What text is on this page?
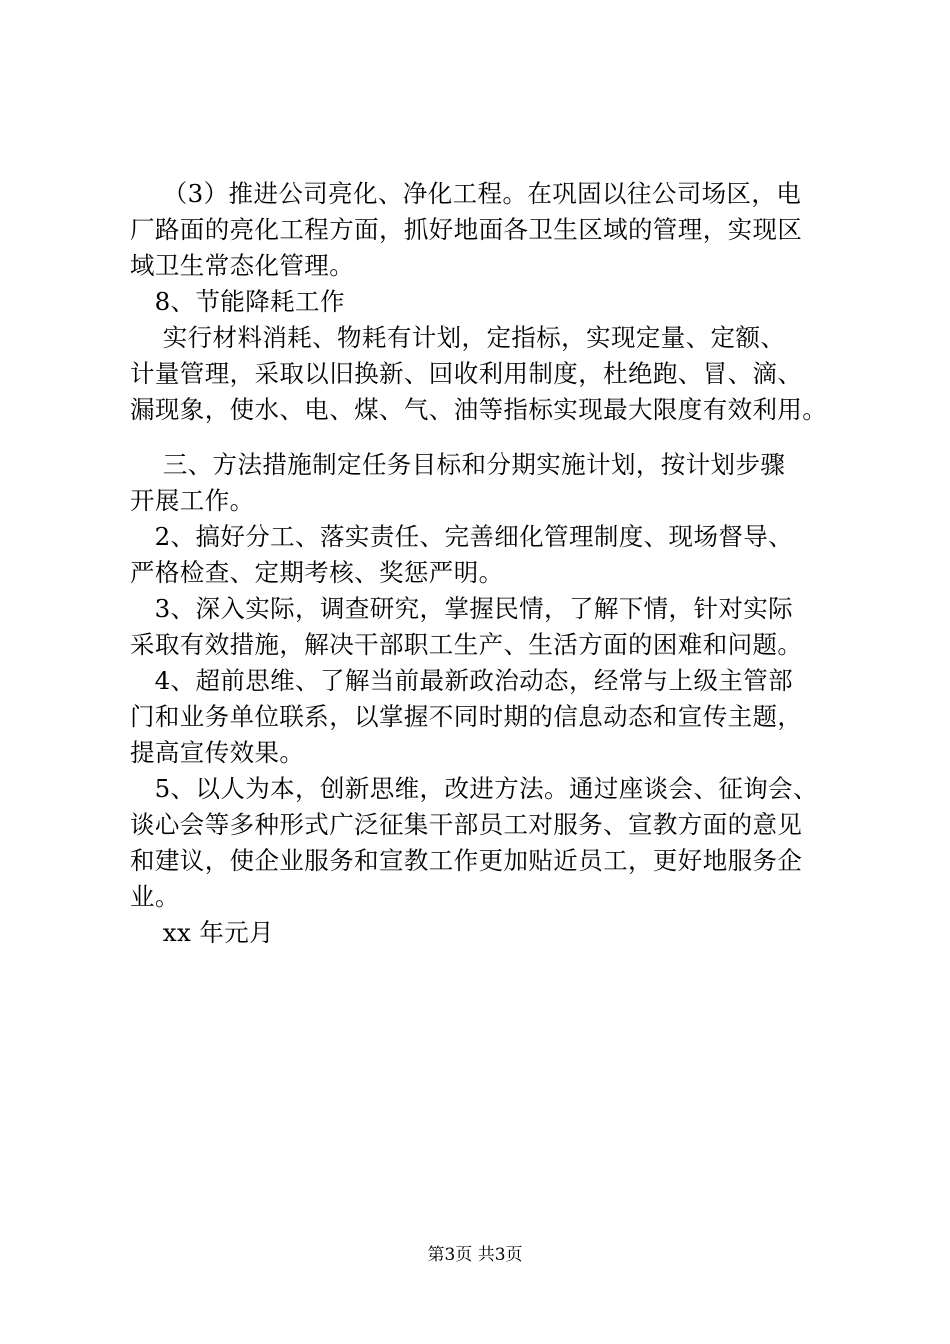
（3）推进公司亮化、净化工程。在巩固以往公司场区，电
厂路面的亮化工程方面，抓好地面各卫生区域的管理，实现区
域卫生常态化管理。
8、节能降耗工作
实行材料消耗、物耗有计划，定指标，实现定量、定额、
计量管理，采取以旧换新、回收利用制度，杜绝跑、冒、滴、
漏现象，使水、电、煤、气、油等指标实现最大限度有效利用。
三、方法措施制定任务目标和分期实施计划，按计划步骤
开展工作。
2、搞好分工、落实责任、完善细化管理制度、现场督导、
严格检查、定期考核、奖惩严明。
3、深入实际，调查研究，掌握民情，了解下情，针对实际
采取有效措施，解决干部职工生产、生活方面的困难和问题。
4、超前思维、了解当前最新政治动态，经常与上级主管部
门和业务单位联系，以掌握不同时期的信息动态和宣传主题，
提高宣传效果。
5、以人为本，创新思维，改进方法。通过座谈会、征询会、
谈心会等多种形式广泛征集干部员工对服务、宣教方面的意见
和建议，使企业服务和宣教工作更加贴近员工，更好地服务企
业。
xx 年元月
第3页 共3页
